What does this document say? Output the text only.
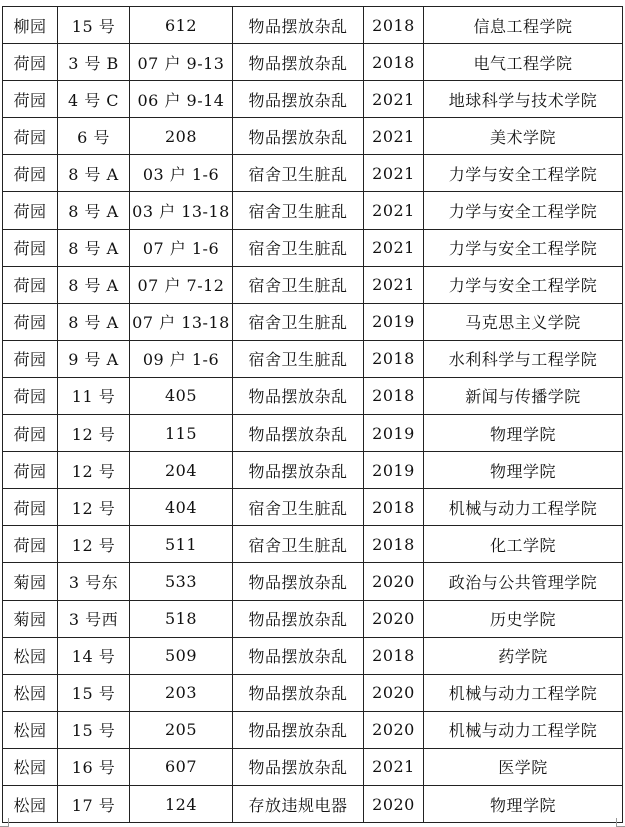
柳园	15 号	612	物品摆放杂乱	2018	信息工程学院
荷园	3 号 B	07 户 9-13	物品摆放杂乱	2018	电气工程学院
荷园	4 号 C	06 户 9-14	物品摆放杂乱	2021	地球科学与技术学院
荷园	6 号	208	物品摆放杂乱	2021	美术学院
荷园	8 号 A	03 户 1-6	宿舍卫生脏乱	2021	力学与安全工程学院
荷园	8 号 A	03 户 13-18	宿舍卫生脏乱	2021	力学与安全工程学院
荷园	8 号 A	07 户 1-6	宿舍卫生脏乱	2021	力学与安全工程学院
荷园	8 号 A	07 户 7-12	宿舍卫生脏乱	2021	力学与安全工程学院
荷园	8 号 A	07 户 13-18	宿舍卫生脏乱	2019	马克思主义学院
荷园	9 号 A	09 户 1-6	宿舍卫生脏乱	2018	水利科学与工程学院
荷园	11 号	405	物品摆放杂乱	2018	新闻与传播学院
荷园	12 号	115	物品摆放杂乱	2019	物理学院
荷园	12 号	204	物品摆放杂乱	2019	物理学院
荷园	12 号	404	宿舍卫生脏乱	2018	机械与动力工程学院
荷园	12 号	511	宿舍卫生脏乱	2018	化工学院
菊园	3 号东	533	物品摆放杂乱	2020	政治与公共管理学院
菊园	3 号西	518	物品摆放杂乱	2020	历史学院
松园	14 号	509	物品摆放杂乱	2018	药学院
松园	15 号	203	物品摆放杂乱	2020	机械与动力工程学院
松园	15 号	205	物品摆放杂乱	2020	机械与动力工程学院
松园	16 号	607	物品摆放杂乱	2021	医学院
松园	17 号	124	存放违规电器	2020	物理学院
